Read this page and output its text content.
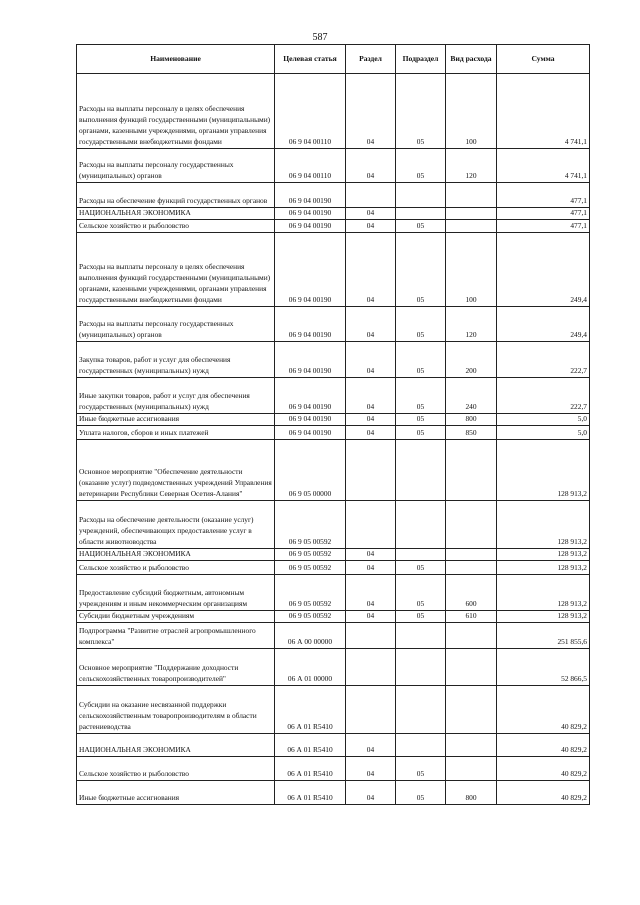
587
Наименование	Целевая статья	Раздел	Подраздел	Вид расхода	Сумма
Расходы на выплаты персоналу в целях обеспечения выполнения функций государственными (муниципальными) органами, казенными учреждениями, органами управления государственными внебюджетными фондами	06 9 04 00110	04	05	100	4 741,1
Расходы на выплаты персоналу государственных (муниципальных) органов	06 9 04 00110	04	05	120	4 741,1
Расходы на обеспечение функций государственных органов	06 9 04 00190				477,1
НАЦИОНАЛЬНАЯ ЭКОНОМИКА	06 9 04 00190	04			477,1
Сельское хозяйство и рыболовство	06 9 04 00190	04	05		477,1
Расходы на выплаты персоналу в целях обеспечения выполнения функций государственными (муниципальными) органами, казенными учреждениями, органами управления государственными внебюджетными фондами	06 9 04 00190	04	05	100	249,4
Расходы на выплаты персоналу государственных (муниципальных) органов	06 9 04 00190	04	05	120	249,4
Закупка товаров, работ и услуг для обеспечения государственных (муниципальных) нужд	06 9 04 00190	04	05	200	222,7
Иные закупки товаров, работ и услуг для обеспечения государственных (муниципальных) нужд	06 9 04 00190	04	05	240	222,7
Иные бюджетные ассигнования	06 9 04 00190	04	05	800	5,0
Уплата налогов, сборов и иных платежей	06 9 04 00190	04	05	850	5,0
Основное мероприятие "Обеспечение деятельности (оказание услуг) подведомственных учреждений Управления ветеринарии Республики Северная Осетия-Алания"	06 9 05 00000				128 913,2
Расходы на обеспечение деятельности (оказание услуг) учреждений, обеспечивающих предоставление услуг в области животноводства	06 9 05 00592				128 913,2
НАЦИОНАЛЬНАЯ ЭКОНОМИКА	06 9 05 00592	04			128 913,2
Сельское хозяйство и рыболовство	06 9 05 00592	04	05		128 913,2
Предоставление субсидий бюджетным, автономным учреждениям и иным некоммерческим организациям	06 9 05 00592	04	05	600	128 913,2
Субсидии бюджетным учреждениям	06 9 05 00592	04	05	610	128 913,2
Подпрограмма "Развитие отраслей агропромышленного комплекса"	06 А 00 00000				251 855,6
Основное мероприятие "Поддержание доходности сельскохозяйственных товаропроизводителей"	06 А 01 00000				52 866,5
Субсидии на оказание несвязанной поддержки сельскохозяйственным товаропроизводителям в области растениеводства	06 А 01 R5410				40 829,2
НАЦИОНАЛЬНАЯ ЭКОНОМИКА	06 А 01 R5410	04			40 829,2
Сельское хозяйство и рыболовство	06 А 01 R5410	04	05		40 829,2
Иные бюджетные ассигнования	06 А 01 R5410	04	05	800	40 829,2
